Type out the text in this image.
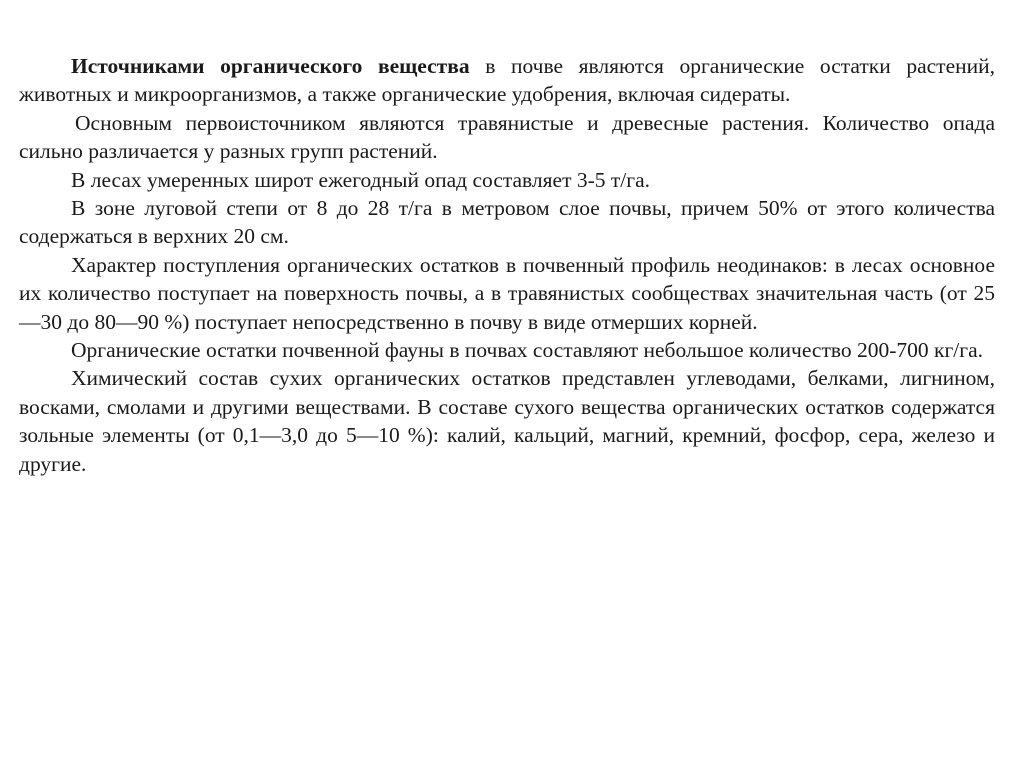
Источниками органического вещества в почве являются органические остатки растений, животных и микроорганизмов, а также органические удобрения, включая сидераты.

Основным первоисточником являются травянистые и древесные растения. Количество опада сильно различается у разных групп растений.

В лесах умеренных широт ежегодный опад составляет 3-5 т/га.

В зоне луговой степи от 8 до 28 т/га в метровом слое почвы, причем 50% от этого количества содержаться в верхних 20 см.

Характер поступления органических остатков в почвенный профиль неодинаков: в лесах основное их количество поступает на поверхность почвы, а в травянистых сообществах значительная часть (от 25—30 до 80—90 %) поступает непосредственно в почву в виде отмерших корней.

Органические остатки почвенной фауны в почвах составляют небольшое количество 200-700 кг/га.

Химический состав сухих органических остатков представлен углеводами, белками, лигнином, восками, смолами и другими веществами. В составе сухого вещества органических остатков содержатся зольные элементы (от 0,1—3,0 до 5—10 %): калий, кальций, магний, кремний, фосфор, сера, железо и другие.
